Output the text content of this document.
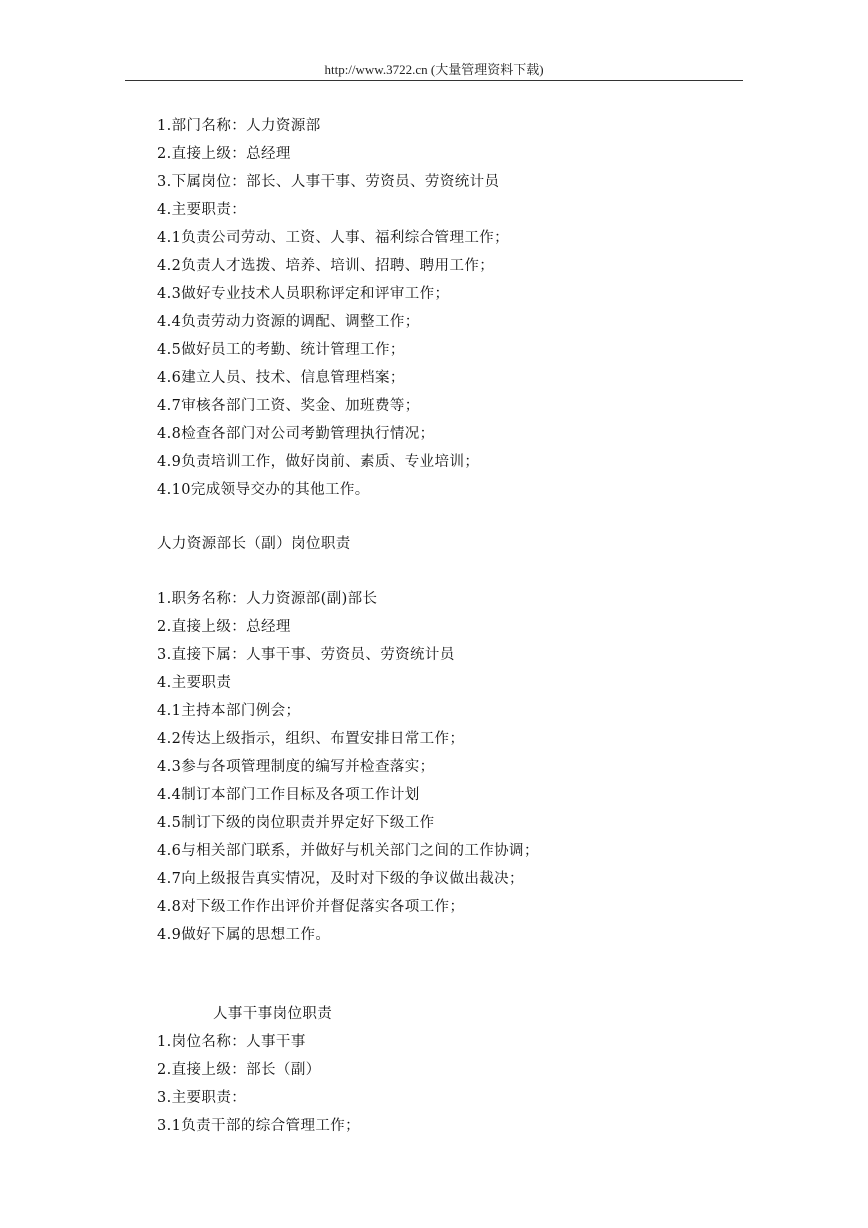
http://www.3722.cn (大量管理资料下载)
1.部门名称：人力资源部
2.直接上级：总经理
3.下属岗位：部长、人事干事、劳资员、劳资统计员
4.主要职责：
4.1负责公司劳动、工资、人事、福利综合管理工作；
4.2负责人才选拨、培养、培训、招聘、聘用工作；
4.3做好专业技术人员职称评定和评审工作；
4.4负责劳动力资源的调配、调整工作；
4.5做好员工的考勤、统计管理工作；
4.6建立人员、技术、信息管理档案；
4.7审核各部门工资、奖金、加班费等；
4.8检查各部门对公司考勤管理执行情况；
4.9负责培训工作，做好岗前、素质、专业培训；
4.10完成领导交办的其他工作。
人力资源部长（副）岗位职责
1.职务名称：人力资源部(副)部长
2.直接上级：总经理
3.直接下属：人事干事、劳资员、劳资统计员
4.主要职责
4.1主持本部门例会；
4.2传达上级指示，组织、布置安排日常工作；
4.3参与各项管理制度的编写并检查落实；
4.4制订本部门工作目标及各项工作计划
4.5制订下级的岗位职责并界定好下级工作
4.6与相关部门联系，并做好与机关部门之间的工作协调；
4.7向上级报告真实情况，及时对下级的争议做出裁决；
4.8对下级工作作出评价并督促落实各项工作；
4.9做好下属的思想工作。
人事干事岗位职责
1.岗位名称：人事干事
2.直接上级：部长（副）
3.主要职责：
3.1负责干部的综合管理工作；
